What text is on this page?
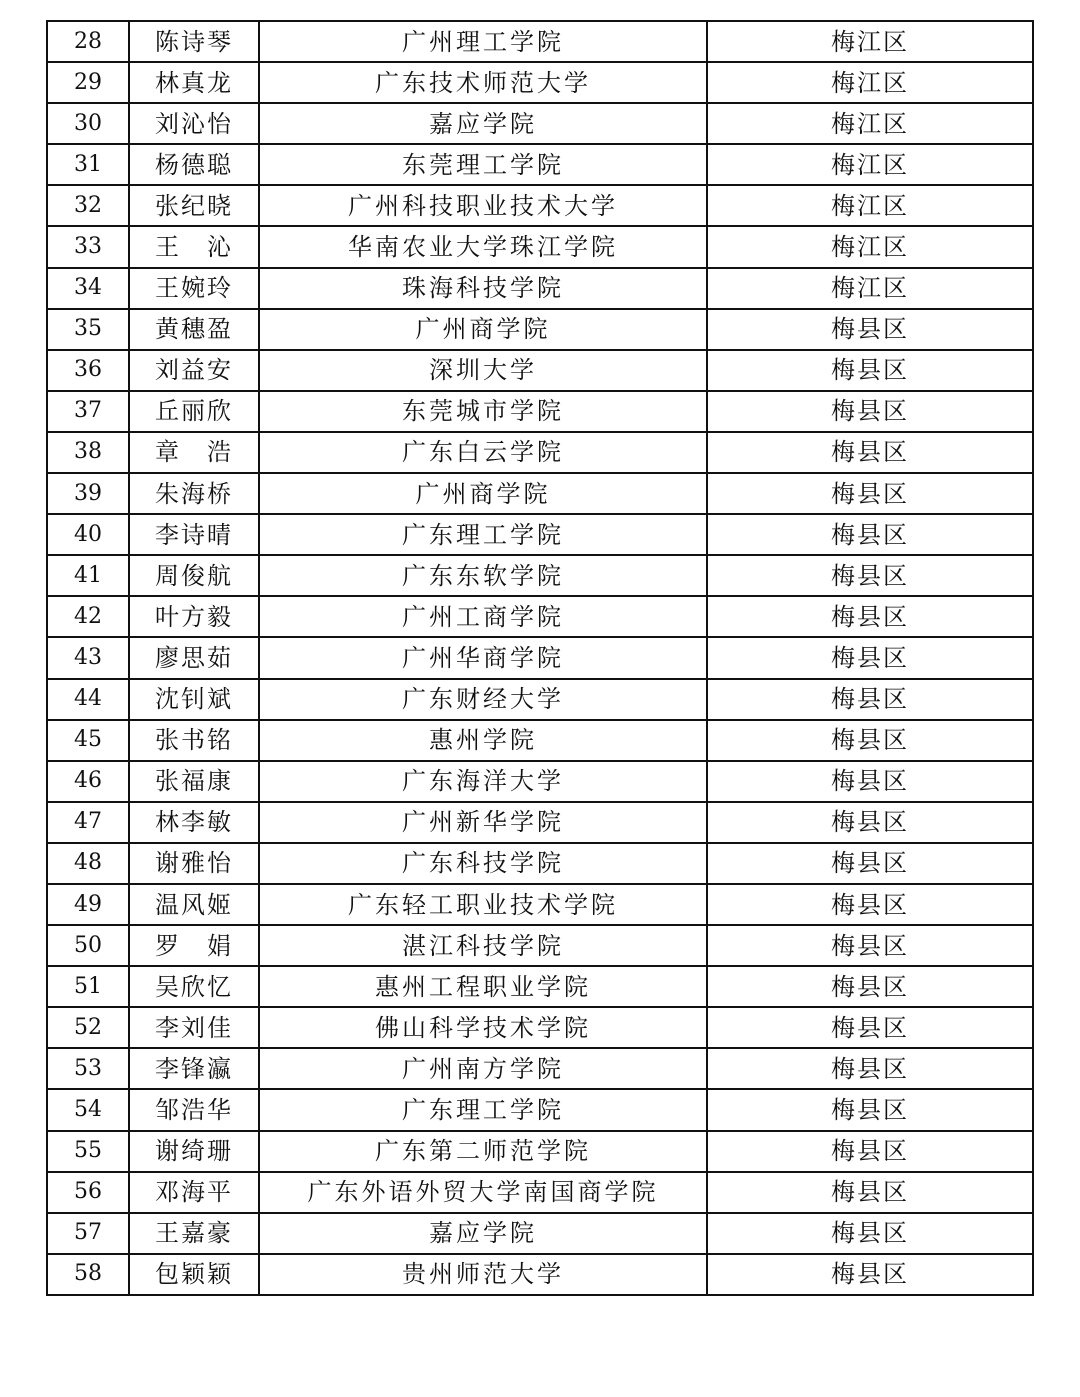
28	陈诗琴	广州理工学院	梅江区
29	林真龙	广东技术师范大学	梅江区
30	刘沁怡	嘉应学院	梅江区
31	杨德聪	东莞理工学院	梅江区
32	张纪晓	广州科技职业技术大学	梅江区
33	王　沁	华南农业大学珠江学院	梅江区
34	王婉玲	珠海科技学院	梅江区
35	黄穗盈	广州商学院	梅县区
36	刘益安	深圳大学	梅县区
37	丘丽欣	东莞城市学院	梅县区
38	章　浩	广东白云学院	梅县区
39	朱海桥	广州商学院	梅县区
40	李诗晴	广东理工学院	梅县区
41	周俊航	广东东软学院	梅县区
42	叶方毅	广州工商学院	梅县区
43	廖思茹	广州华商学院	梅县区
44	沈钊斌	广东财经大学	梅县区
45	张书铭	惠州学院	梅县区
46	张福康	广东海洋大学	梅县区
47	林李敏	广州新华学院	梅县区
48	谢雅怡	广东科技学院	梅县区
49	温风姬	广东轻工职业技术学院	梅县区
50	罗　娟	湛江科技学院	梅县区
51	吴欣忆	惠州工程职业学院	梅县区
52	李刘佳	佛山科学技术学院	梅县区
53	李锋瀛	广州南方学院	梅县区
54	邹浩华	广东理工学院	梅县区
55	谢绮珊	广东第二师范学院	梅县区
56	邓海平	广东外语外贸大学南国商学院	梅县区
57	王嘉豪	嘉应学院	梅县区
58	包颖颖	贵州师范大学	梅县区
